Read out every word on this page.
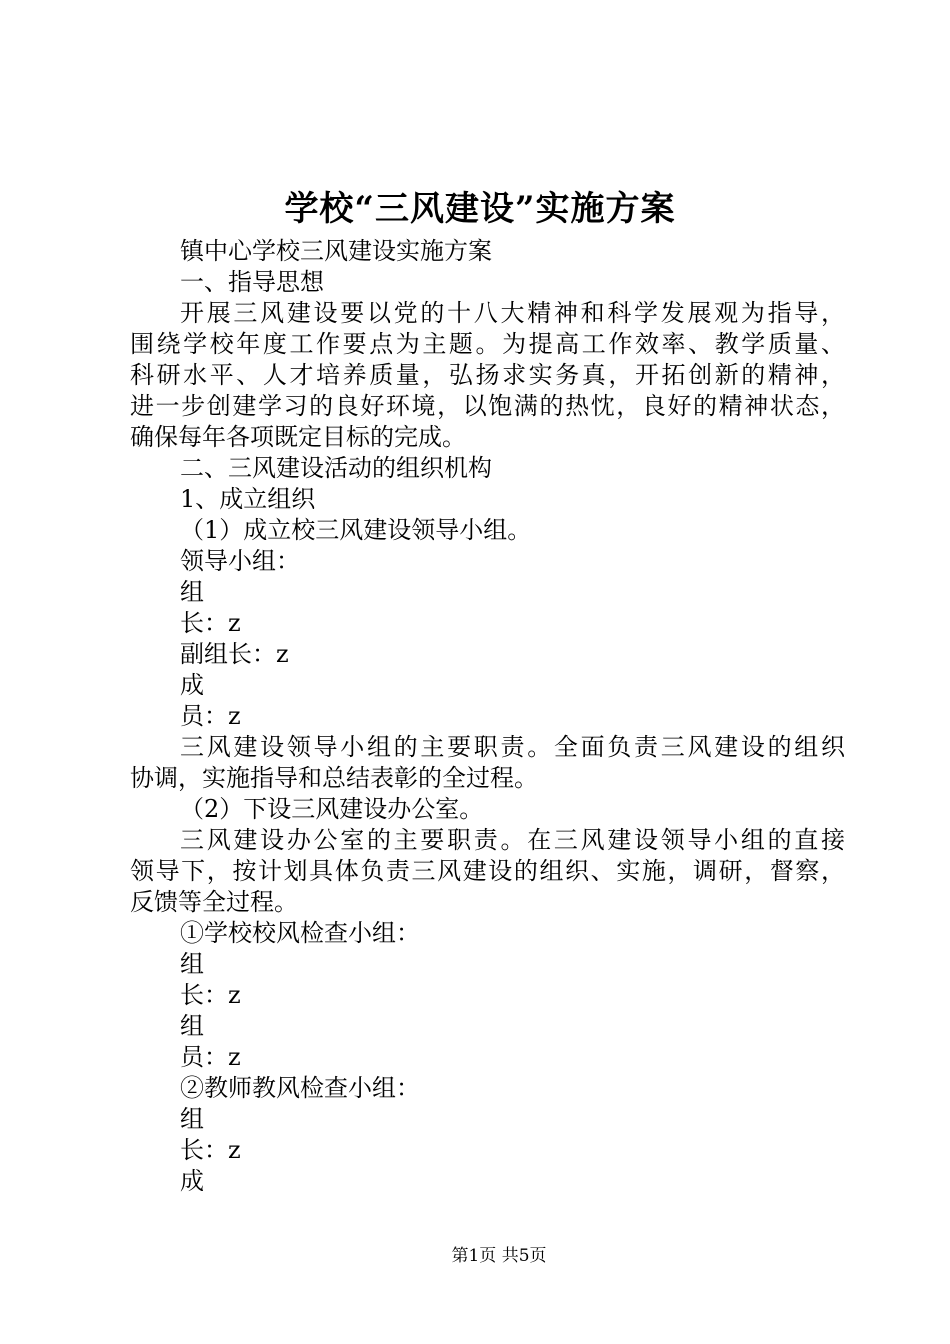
学校“三风建设”实施方案
镇中心学校三风建设实施方案
一、指导思想
开展三风建设要以党的十八大精神和科学发展观为指导，
围绕学校年度工作要点为主题。为提高工作效率、教学质量、
科研水平、人才培养质量，弘扬求实务真，开拓创新的精神，
进一步创建学习的良好环境，以饱满的热忱，良好的精神状态，
确保每年各项既定目标的完成。
二、三风建设活动的组织机构
1、成立组织
（1）成立校三风建设领导小组。
领导小组：
组
长：z
副组长：z
成
员：z
三风建设领导小组的主要职责。全面负责三风建设的组织
协调，实施指导和总结表彰的全过程。
（2）下设三风建设办公室。
三风建设办公室的主要职责。在三风建设领导小组的直接
领导下，按计划具体负责三风建设的组织、实施，调研，督察，
反馈等全过程。
①学校校风检查小组：
组
长：z
组
员：z
②教师教风检查小组：
组
长：z
成
第1页 共5页
